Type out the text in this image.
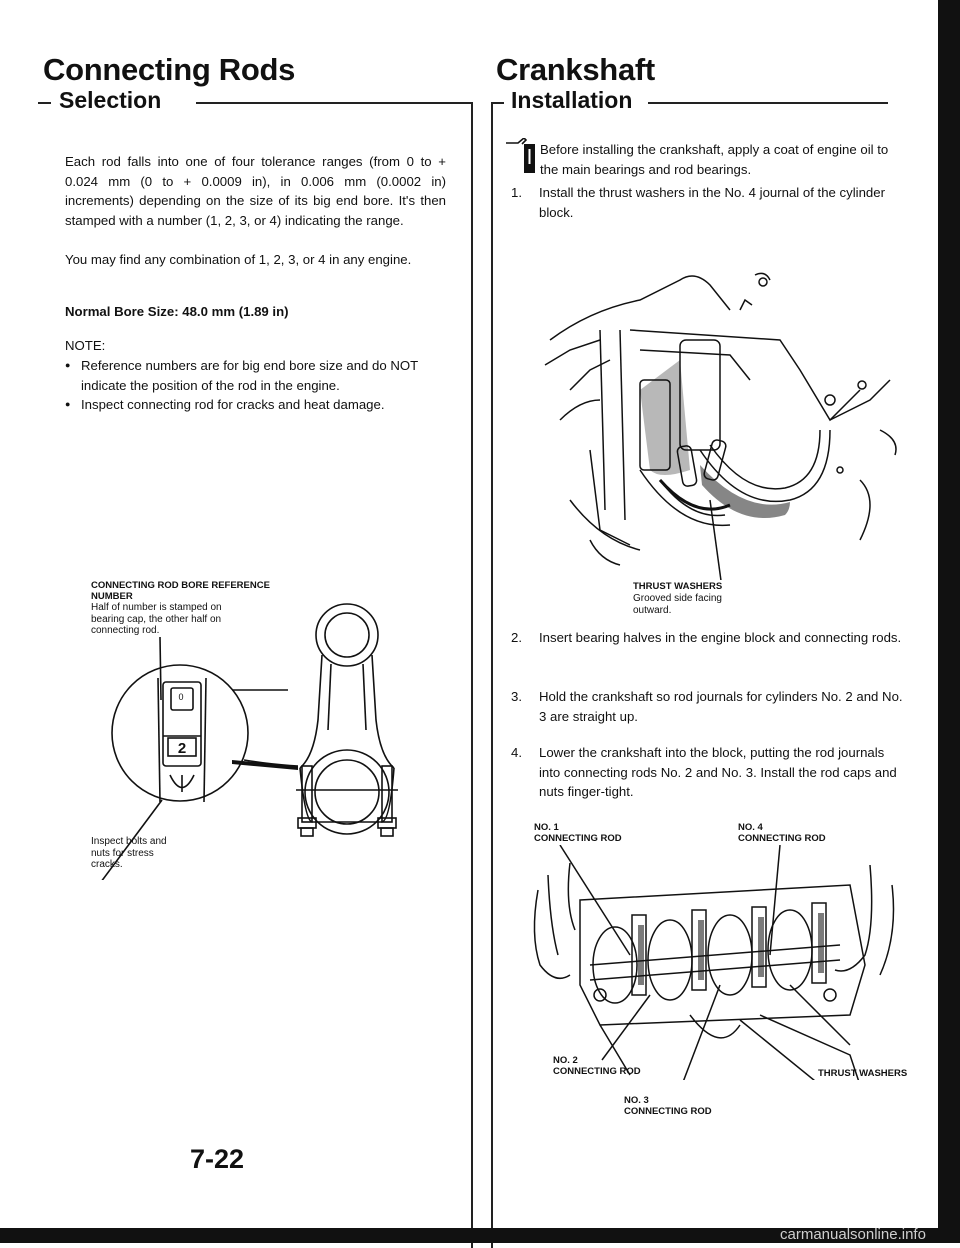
Connecting Rods
Selection
Each rod falls into one of four tolerance ranges (from 0 to + 0.024 mm (0 to + 0.0009 in), in 0.006 mm (0.0002 in) increments) depending on the size of its big end bore. It's then stamped with a number (1, 2, 3, or 4) indicating the range.
You may find any combination of 1, 2, 3, or 4 in any engine.
Normal Bore Size: 48.0 mm (1.89 in)
NOTE:
● Reference numbers are for big end bore size and do NOT indicate the position of the rod in the engine.
● Inspect connecting rod for cracks and heat damage.
CONNECTING ROD BORE REFERENCE NUMBER
Half of number is stamped on bearing cap, the other half on connecting rod.
0
2
Inspect bolts and nuts for stress cracks.
7-22
Crankshaft
Installation
Before installing the crankshaft, apply a coat of engine oil to the main bearings and rod bearings.
1.	Install the thrust washers in the No. 4 journal of the cylinder block.
THRUST WASHERS
Grooved side facing outward.
2.	Insert bearing halves in the engine block and connecting rods.
3.	Hold the crankshaft so rod journals for cylinders No. 2 and No. 3 are straight up.
4.	Lower the crankshaft into the block, putting the rod journals into connecting rods No. 2 and No. 3. Install the rod caps and nuts finger-tight.
NO. 1
CONNECTING ROD
NO. 4
CONNECTING ROD
NO. 2
CONNECTING ROD	THRUST WASHERS
NO. 3
CONNECTING ROD
carmanualsonline.info
